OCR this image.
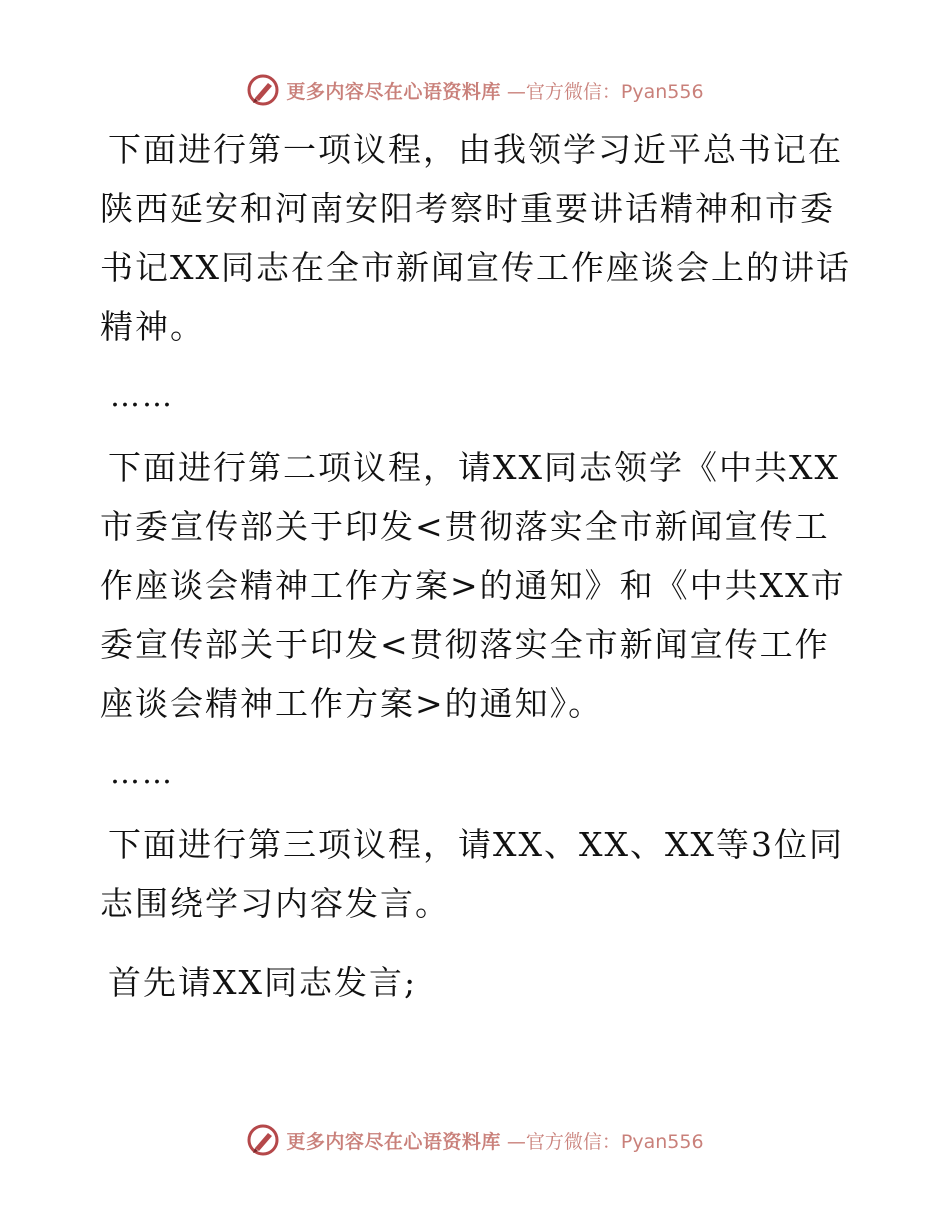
更多内容尽在心语资料库 —官方微信：Pyan556

下面进行第一项议程，由我领学习近平总书记在陕西延安和河南安阳考察时重要讲话精神和市委书记XX同志在全市新闻宣传工作座谈会上的讲话精神。

……

下面进行第二项议程，请XX同志领学《中共XX市委宣传部关于印发<贯彻落实全市新闻宣传工作座谈会精神工作方案>的通知》和《中共XX市委宣传部关于印发<贯彻落实全市新闻宣传工作座谈会精神工作方案>的通知》。

……

下面进行第三项议程，请XX、XX、XX等3位同志围绕学习内容发言。

首先请XX同志发言;

更多内容尽在心语资料库 —官方微信：Pyan556
